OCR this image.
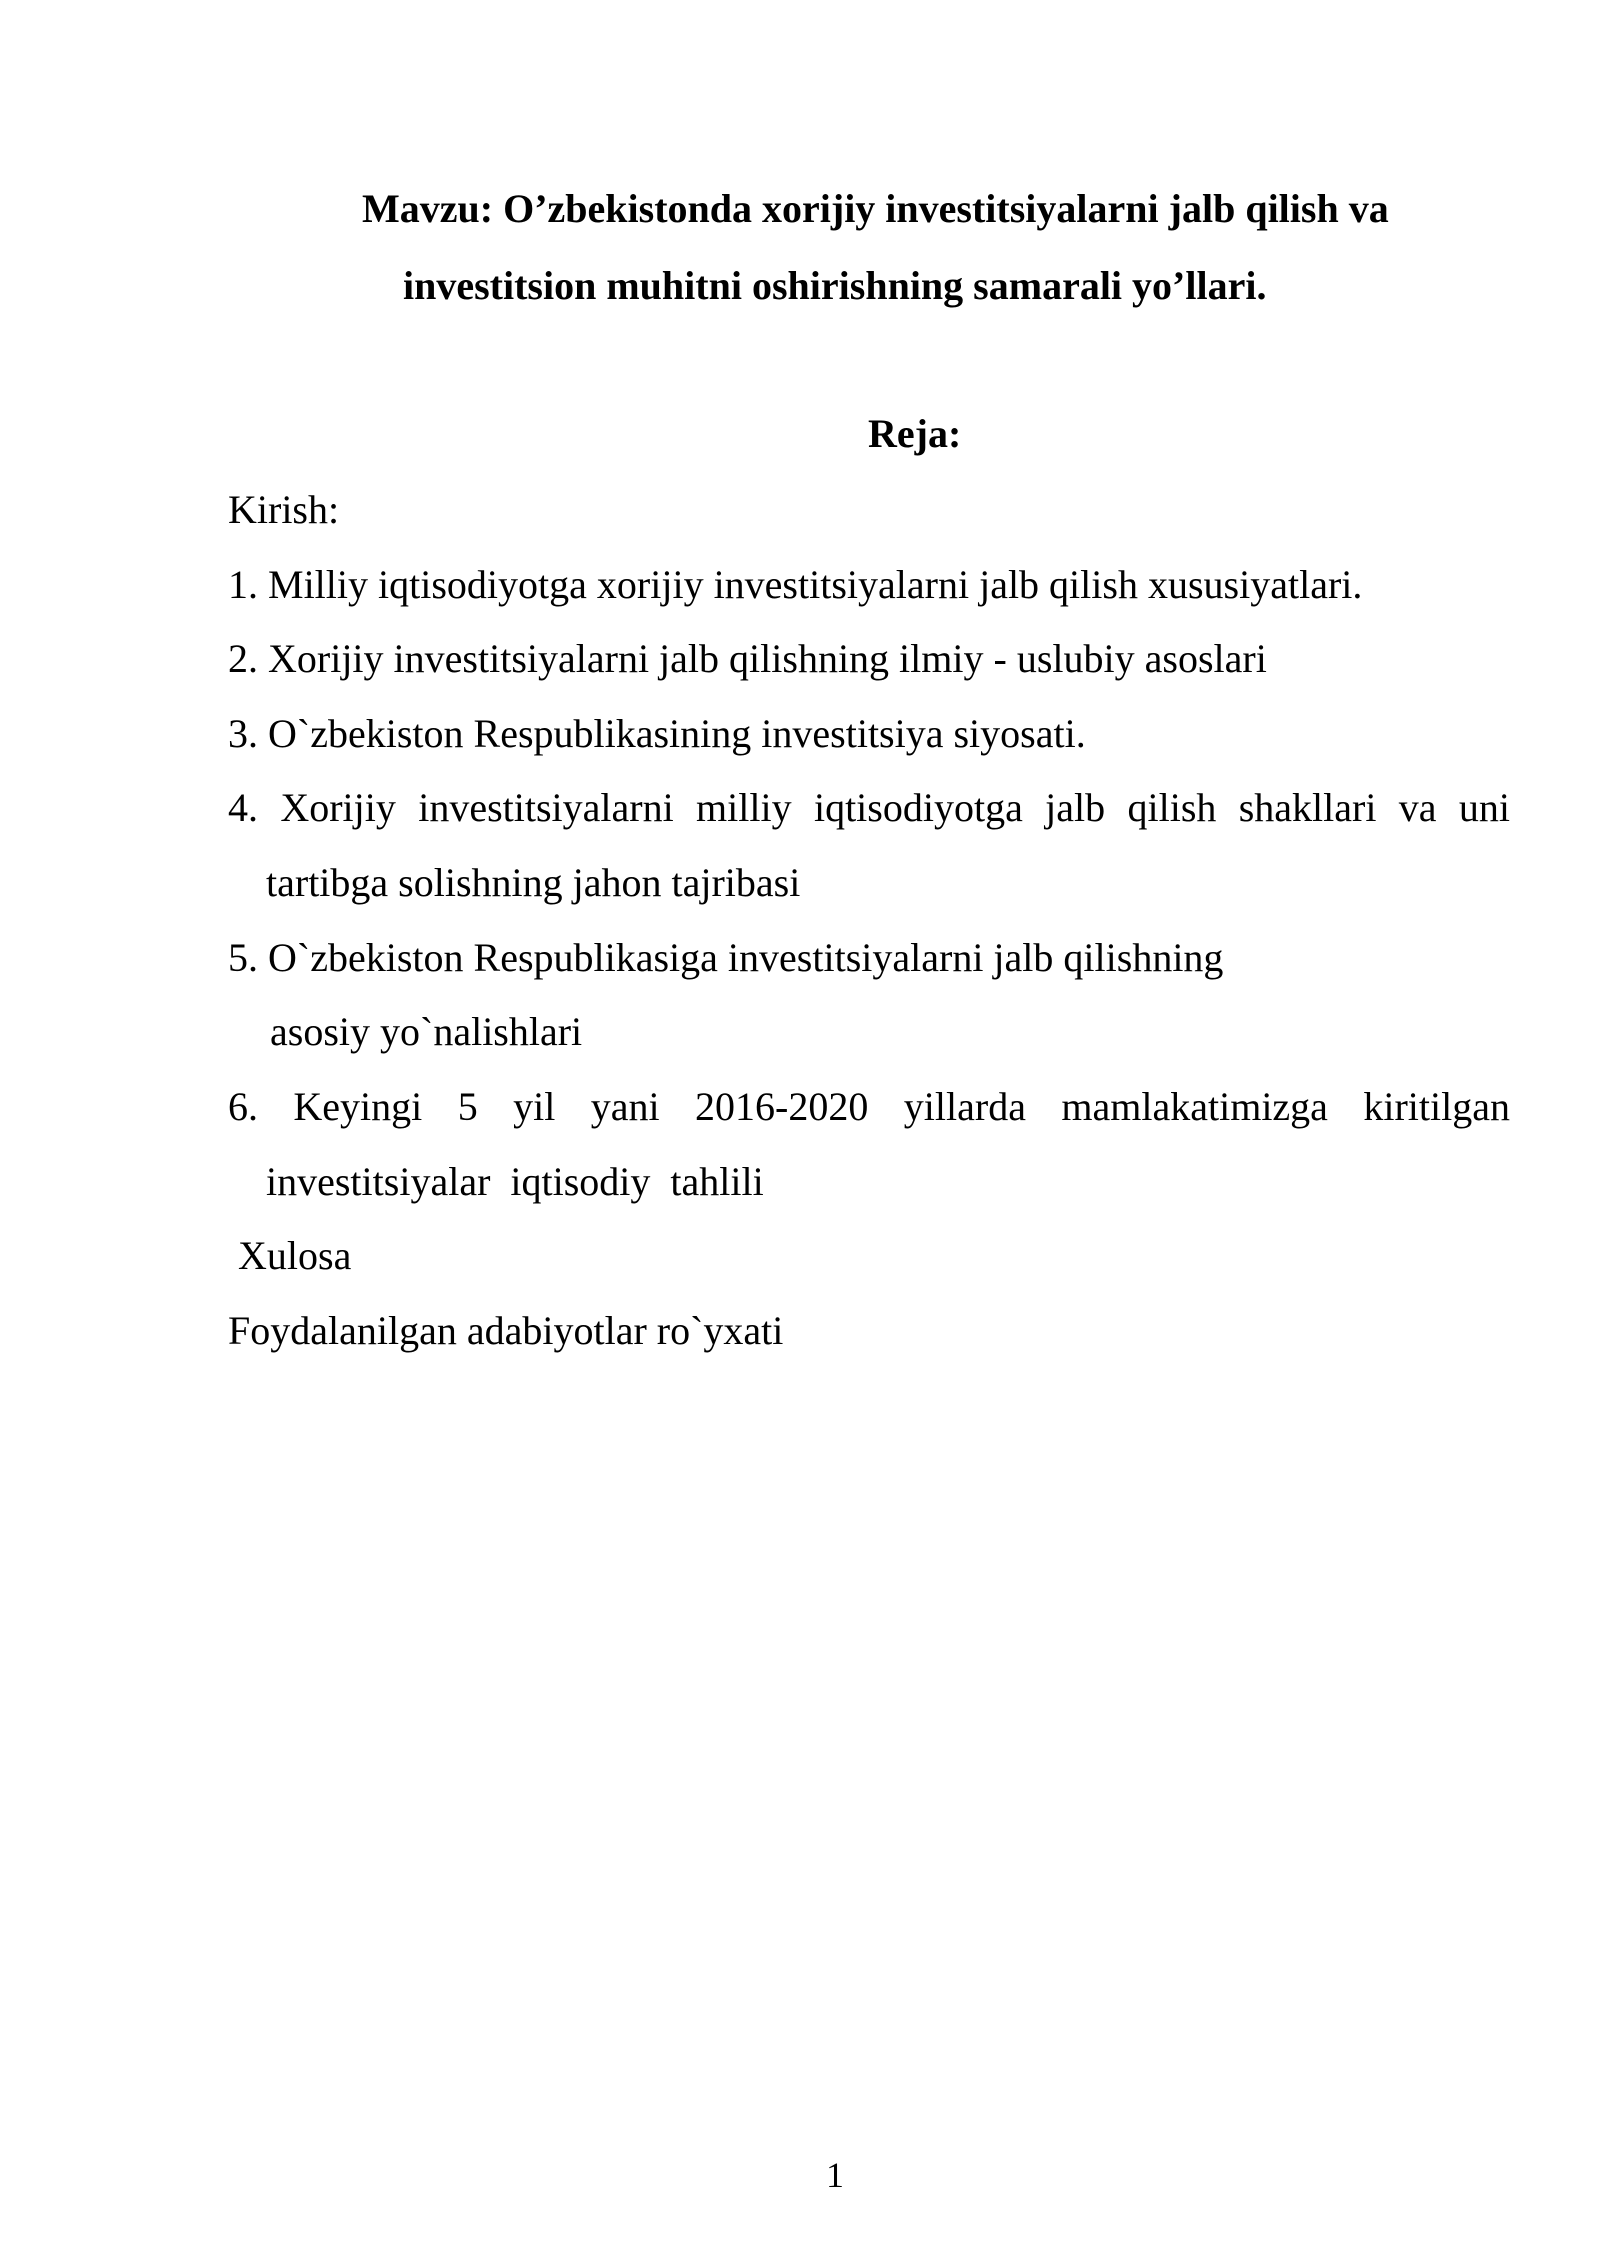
Mavzu: O’zbekistonda xorijiy investitsiyalarni jalb qilish va
investitsion muhitni oshirishning samarali yo’llari.
Reja:
Kirish:
1. Milliy iqtisodiyotga xorijiy investitsiyalarni jalb qilish xususiyatlari.
2. Xorijiy investitsiyalarni jalb qilishning ilmiy - uslubiy asoslari
3. O`zbekiston Respublikasining investitsiya siyosati.
4. Xorijiy investitsiyalarni milliy iqtisodiyotga jalb qilish shakllari va uni
tartibga solishning jahon tajribasi
5. O`zbekiston Respublikasiga investitsiyalarni jalb qilishning
asosiy yo`nalishlari
6. Keyingi 5 yil yani 2016-2020 yillarda mamlakatimizga kiritilgan
investitsiyalar  iqtisodiy  tahlili
Xulosa
Foydalanilgan adabiyotlar ro`yxati
1
